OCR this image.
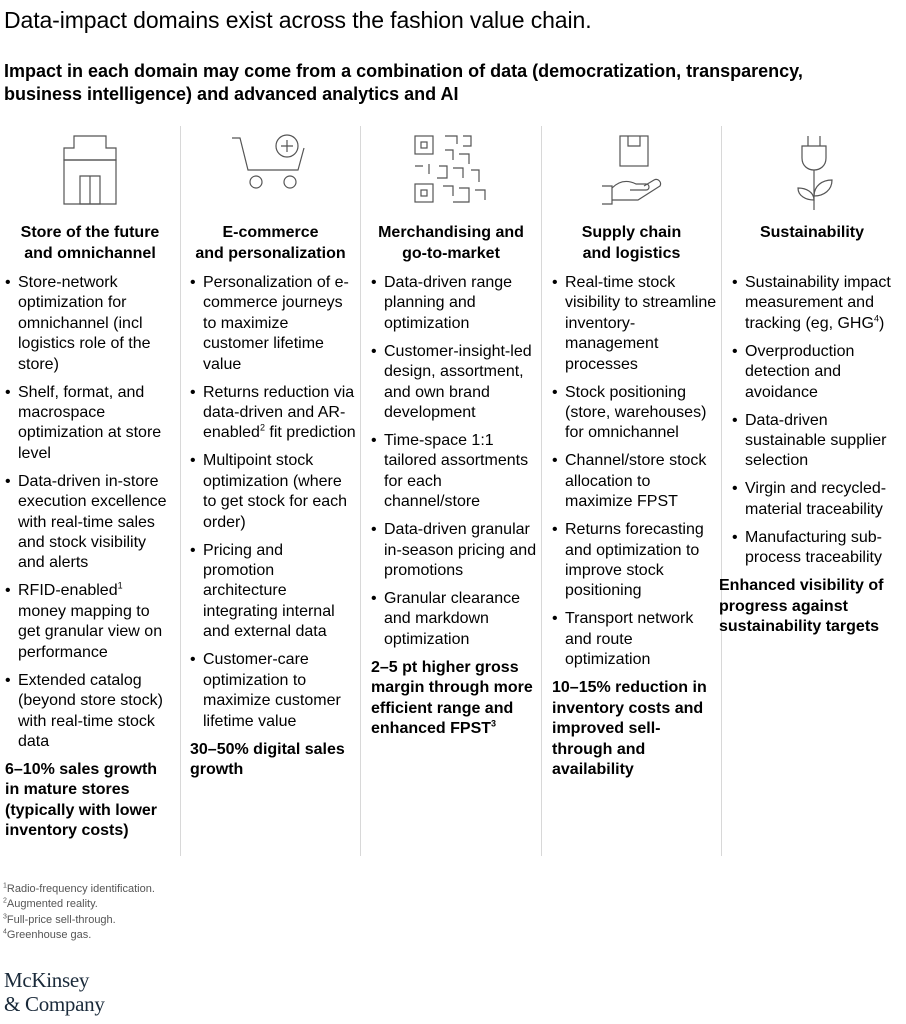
Data-impact domains exist across the fashion value chain.
Impact in each domain may come from a combination of data (democratization, transparency, business intelligence) and advanced analytics and AI
Store of the future
and omnichannel
• Store-network optimization for omnichannel (incl logistics role of the store)
• Shelf, format, and macrospace optimization at store level
• Data-driven in-store execution excellence with real-time sales and stock visibility and alerts
• RFID-enabled$^1$ money mapping to get granular view on performance
• Extended catalog (beyond store stock) with real-time stock data
6–10% sales growth in mature stores (typically with lower inventory costs)
E-commerce
and personalization
• Personalization of e-commerce journeys to maximize customer lifetime value
• Returns reduction via data-driven and AR-enabled$^2$ fit prediction
• Multipoint stock optimization (where to get stock for each order)
• Pricing and promotion architecture integrating internal and external data
• Customer-care optimization to maximize customer lifetime value
30–50% digital sales growth
Merchandising and
go-to-market
• Data-driven range planning and optimization
• Customer-insight-led design, assortment, and own brand development
• Time-space 1:1 tailored assortments for each channel/store
• Data-driven granular in-season pricing and promotions
• Granular clearance and markdown optimization
2–5 pt higher gross margin through more efficient range and enhanced FPST$^3$
Supply chain
and logistics
• Real-time stock visibility to streamline inventory-management processes
• Stock positioning (store, warehouses) for omnichannel
• Channel/store stock allocation to maximize FPST
• Returns forecasting and optimization to improve stock positioning
• Transport network and route optimization
10–15% reduction in inventory costs and improved sell-through and availability
Sustainability
• Sustainability impact measurement and tracking (eg, GHG$^4$)
• Overproduction detection and avoidance
• Data-driven sustainable supplier selection
• Virgin and recycled-material traceability
• Manufacturing sub-process traceability
Enhanced visibility of progress against sustainability targets
$^1$Radio-frequency identification.
$^2$Augmented reality.
$^3$Full-price sell-through.
$^4$Greenhouse gas.
McKinsey
& Company
